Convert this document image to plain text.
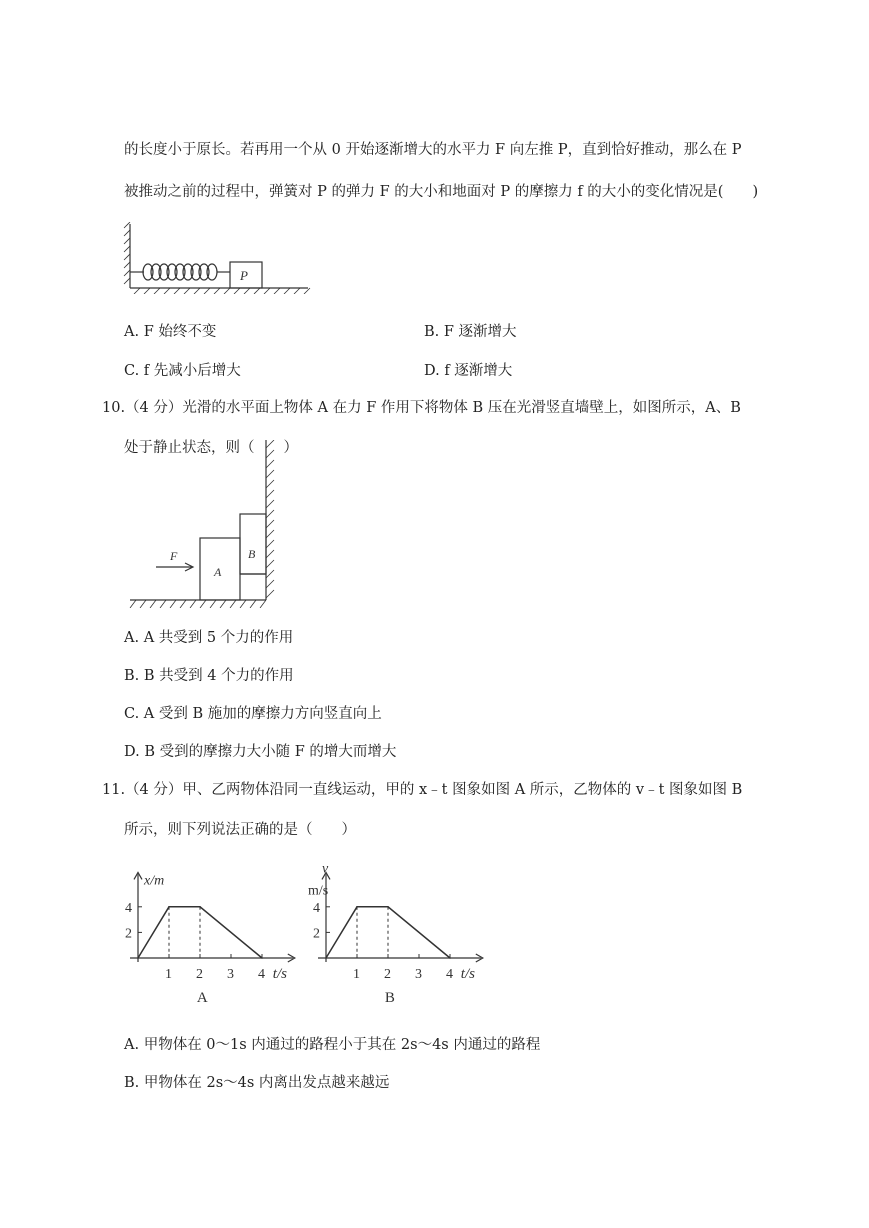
的长度小于原长。若再用一个从 0 开始逐渐增大的水平力 F 向左推 P，直到恰好推动，那么在 P
被推动之前的过程中，弹簧对 P 的弹力 F 的大小和地面对 P 的摩擦力 f 的大小的变化情况是(　　)
P
A. F 始终不变	B. F 逐渐增大
C. f 先减小后增大	D. f 逐渐增大
10.（4 分）光滑的水平面上物体 A 在力 F 作用下将物体 B 压在光滑竖直墙壁上，如图所示，A、B
处于静止状态，则（　　）
F
A
B
A. A 共受到 5 个力的作用
B. B 共受到 4 个力的作用
C. A 受到 B 施加的摩擦力方向竖直向上
D. B 受到的摩擦力大小随 F 的增大而增大
11.（4 分）甲、乙两物体沿同一直线运动，甲的 x﹣t 图象如图 A 所示，乙物体的 v﹣t 图象如图 B
所示，则下列说法正确的是（　　）
1 2 3 4
2
4
t/s
x/m
A
1 2 3 4
2
4
t/s
v
m/s
B
A. 甲物体在 0～1s 内通过的路程小于其在 2s～4s 内通过的路程
B. 甲物体在 2s～4s 内离出发点越来越远
